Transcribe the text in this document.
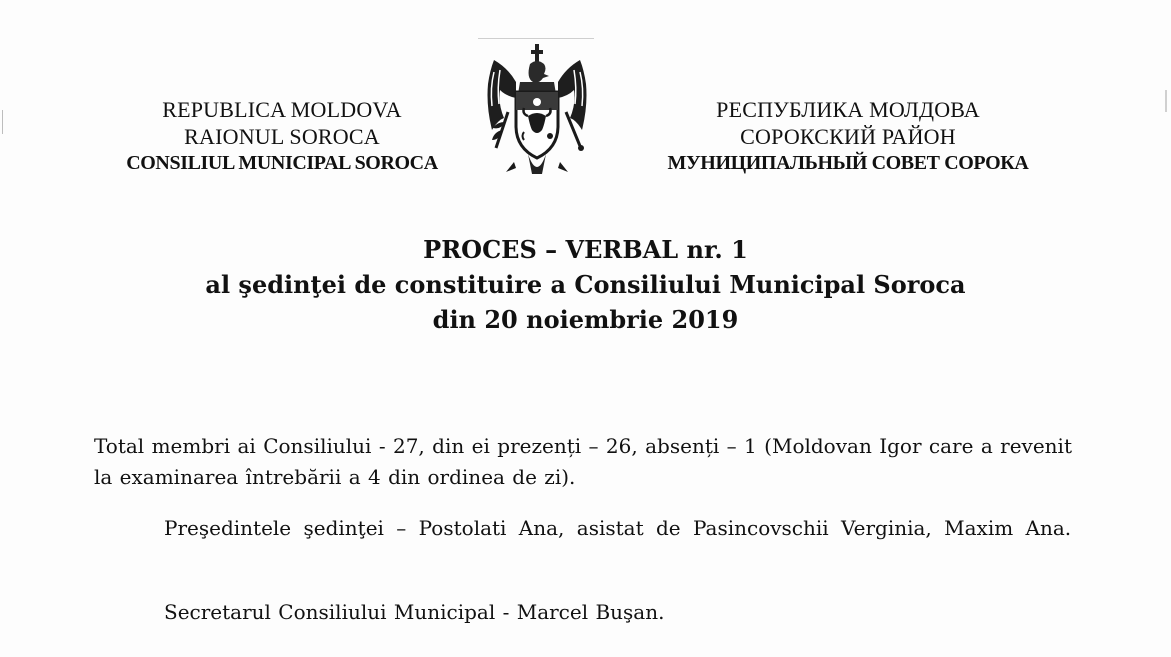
REPUBLICA MOLDOVA
RAIONUL SOROCA
CONSILIUL MUNICIPAL SOROCA
РЕСПУБЛИКА МОЛДОВА
СОРОКСКИЙ РАЙОН
МУНИЦИПАЛЬНЫЙ СОВЕТ СОРОКА
PROCES – VERBAL nr. 1
al şedinţei de constituire a Consiliului Municipal Soroca
din 20 noiembrie 2019

Total membri ai Consiliului - 27, din ei prezenți – 26, absenți – 1 (Moldovan Igor care a revenit la examinarea întrebării a 4 din ordinea de zi).

Preşedintele şedinţei – Postolati Ana, asistat de Pasincovschii Verginia, Maxim Ana.

Secretarul Consiliului Municipal - Marcel Buşan.
